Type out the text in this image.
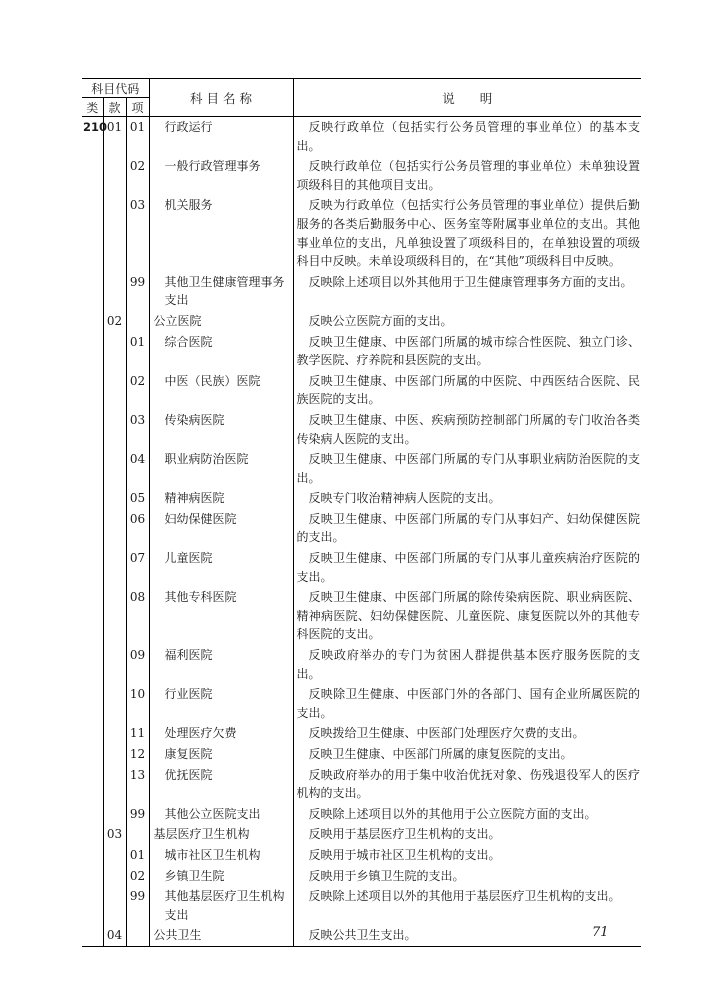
科目代码			科 目 名 称	说　　明
类	款	项		
210	01	01	行政运行	反映行政单位（包括实行公务员管理的事业单位）的基本支出。
		02	一般行政管理事务	反映行政单位（包括实行公务员管理的事业单位）未单独设置项级科目的其他项目支出。
		03	机关服务	反映为行政单位（包括实行公务员管理的事业单位）提供后勤服务的各类后勤服务中心、医务室等附属事业单位的支出。其他事业单位的支出，凡单独设置了项级科目的，在单独设置的项级科目中反映。未单设项级科目的，在“其他”项级科目中反映。
		99	其他卫生健康管理事务支出	反映除上述项目以外其他用于卫生健康管理事务方面的支出。
	02		公立医院	反映公立医院方面的支出。
		01	综合医院	反映卫生健康、中医部门所属的城市综合性医院、独立门诊、教学医院、疗养院和县医院的支出。
		02	中医（民族）医院	反映卫生健康、中医部门所属的中医院、中西医结合医院、民族医院的支出。
		03	传染病医院	反映卫生健康、中医、疾病预防控制部门所属的专门收治各类传染病人医院的支出。
		04	职业病防治医院	反映卫生健康、中医部门所属的专门从事职业病防治医院的支出。
		05	精神病医院	反映专门收治精神病人医院的支出。
		06	妇幼保健医院	反映卫生健康、中医部门所属的专门从事妇产、妇幼保健医院的支出。
		07	儿童医院	反映卫生健康、中医部门所属的专门从事儿童疾病治疗医院的支出。
		08	其他专科医院	反映卫生健康、中医部门所属的除传染病医院、职业病医院、精神病医院、妇幼保健医院、儿童医院、康复医院以外的其他专科医院的支出。
		09	福利医院	反映政府举办的专门为贫困人群提供基本医疗服务医院的支出。
		10	行业医院	反映除卫生健康、中医部门外的各部门、国有企业所属医院的支出。
		11	处理医疗欠费	反映拨给卫生健康、中医部门处理医疗欠费的支出。
		12	康复医院	反映卫生健康、中医部门所属的康复医院的支出。
		13	优抚医院	反映政府举办的用于集中收治优抚对象、伤残退役军人的医疗机构的支出。
		99	其他公立医院支出	反映除上述项目以外的其他用于公立医院方面的支出。
	03		基层医疗卫生机构	反映用于基层医疗卫生机构的支出。
		01	城市社区卫生机构	反映用于城市社区卫生机构的支出。
		02	乡镇卫生院	反映用于乡镇卫生院的支出。
		99	其他基层医疗卫生机构支出	反映除上述项目以外的其他用于基层医疗卫生机构的支出。
	04		公共卫生	反映公共卫生支出。	71
